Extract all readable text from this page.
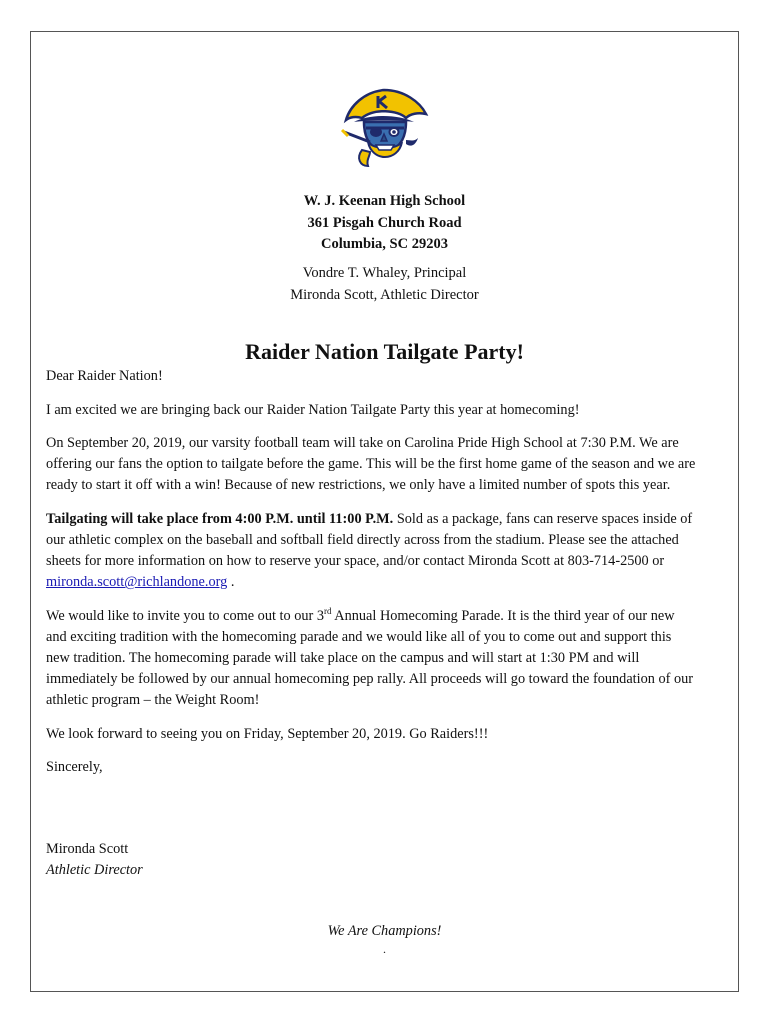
W. J. Keenan High School
361 Pisgah Church Road
Columbia, SC 29203
Vondre T. Whaley, Principal
Mironda Scott, Athletic Director
Raider Nation Tailgate Party!

Dear Raider Nation!

I am excited we are bringing back our Raider Nation Tailgate Party this year at homecoming!

On September 20, 2019, our varsity football team will take on Carolina Pride High School at 7:30 P.M. We are offering our fans the option to tailgate before the game. This will be the first home game of the season and we are ready to start it off with a win! Because of new restrictions, we only have a limited number of spots this year.

Tailgating will take place from 4:00 P.M. until 11:00 P.M. Sold as a package, fans can reserve spaces inside of our athletic complex on the baseball and softball field directly across from the stadium. Please see the attached sheets for more information on how to reserve your space, and/or contact Mironda Scott at 803-714-2500 or mironda.scott@richlandone.org .

We would like to invite you to come out to our 3rd Annual Homecoming Parade. It is the third year of our new and exciting tradition with the homecoming parade and we would like all of you to come out and support this new tradition. The homecoming parade will take place on the campus and will start at 1:30 PM and will immediately be followed by our annual homecoming pep rally. All proceeds will go toward the foundation of our athletic program – the Weight Room!

We look forward to seeing you on Friday, September 20, 2019. Go Raiders!!!

Sincerely,

Mironda Scott
Athletic Director
We Are Champions!
.
